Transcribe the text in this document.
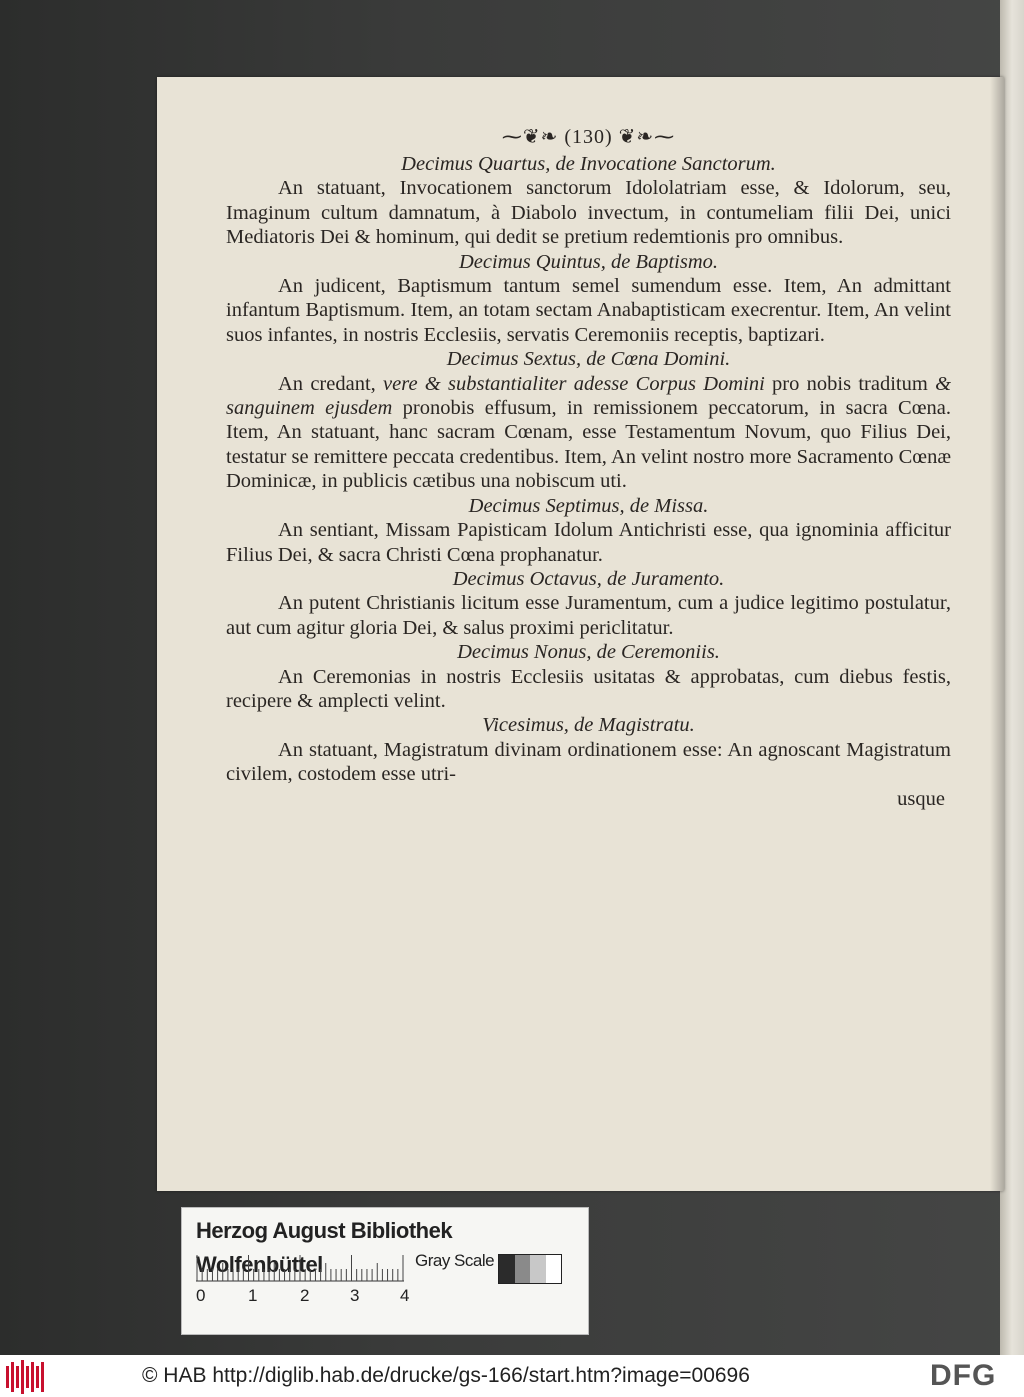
⁓❦❧ (130) ❦❧⁓
Decimus Quartus, de Invocatione Sanctorum.

An statuant, Invocationem sanctorum Idololatriam esse, & Idolorum, seu, Imaginum cultum damnatum, à Diabolo invectum, in contumeliam filii Dei, unici Mediatoris Dei & hominum, qui dedit se pretium redemtionis pro omnibus.

Decimus Quintus, de Baptismo.

An judicent, Baptismum tantum semel sumendum esse. Item, An admittant infantum Baptismum. Item, an totam sectam Anabaptisticam execrentur. Item, An velint suos infantes, in nostris Ecclesiis, servatis Ceremoniis receptis, baptizari.

Decimus Sextus, de Cœna Domini.

An credant, vere & substantialiter adesse Corpus Domini pro nobis traditum & sanguinem ejusdem pronobis effusum, in remissionem peccatorum, in sacra Cœna. Item, An statuant, hanc sacram Cœnam, esse Testamentum Novum, quo Filius Dei, testatur se remittere peccata credentibus. Item, An velint nostro more Sacramento Cœnæ Dominicæ, in publicis cætibus una nobiscum uti.

Decimus Septimus, de Missa.

An sentiant, Missam Papisticam Idolum Antichristi esse, qua ignominia afficitur Filius Dei, & sacra Christi Cœna prophanatur.

Decimus Octavus, de Juramento.

An putent Christianis licitum esse Juramentum, cum a judice legitimo postulatur, aut cum agitur gloria Dei, & salus proximi periclitatur.

Decimus Nonus, de Ceremoniis.

An Ceremonias in nostris Ecclesiis usitatas & approbatas, cum diebus festis, recipere & amplecti velint.

Vicesimus, de Magistratu.

An statuant, Magistratum divinam ordinationem esse: An agnoscant Magistratum civilem, costodem esse utri-

usque
Herzog August Bibliothek Wolfenbüttel	Gray Scale
0	1	2 3 4
© HAB http://diglib.hab.de/drucke/gs-166/start.htm?image=00696	DFG
